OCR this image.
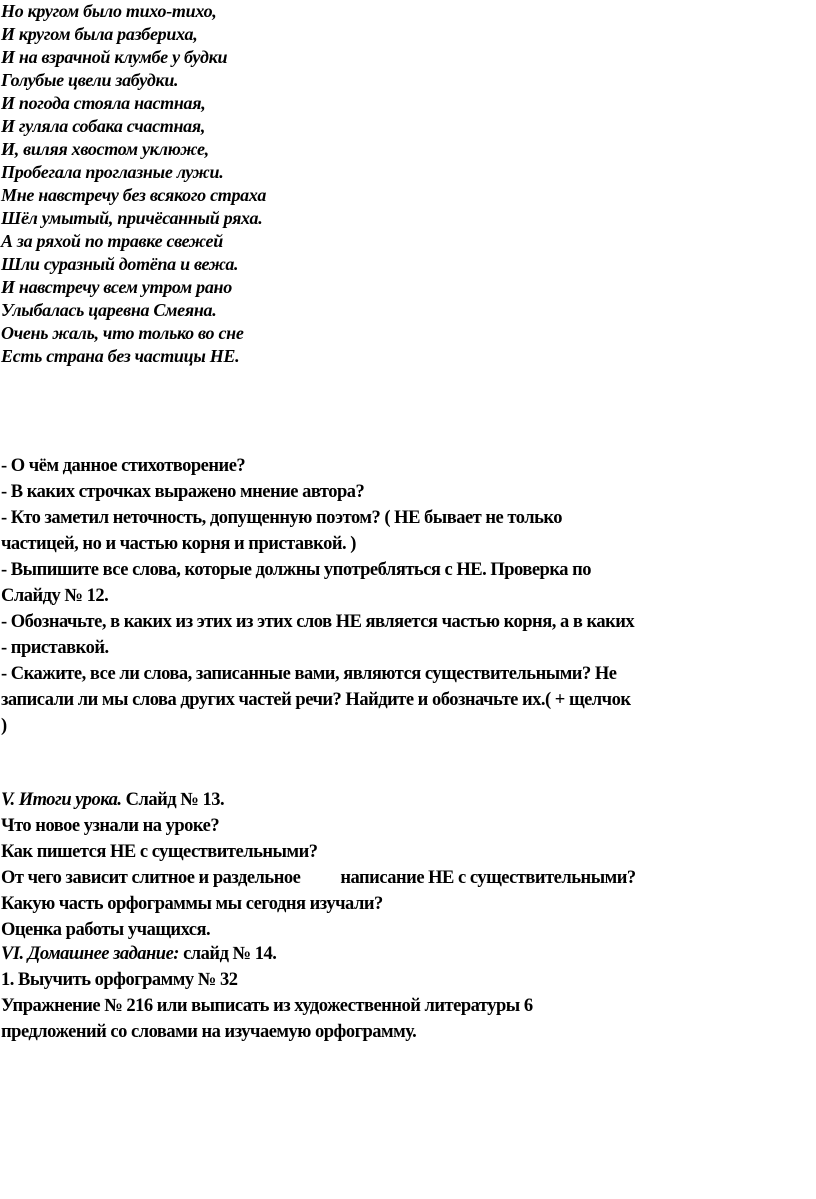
Но кругом было тихо-тихо,
И кругом была разбериха,
И на взрачной клумбе у будки
Голубые цвели забудки.
И погода стояла настная,
И гуляла собака счастная,
И, виляя хвостом уклюже,
Пробегала проглазные лужи.
Мне навстречу без всякого страха
Шёл умытый, причёсанный ряха.
А за ряхой по травке свежей
Шли суразный дотёпа и вежа.
И навстречу всем утром рано
Улыбалась царевна Смеяна.
Очень жаль, что только во сне
Есть страна без частицы НЕ.
- О чём данное стихотворение?
- В каких строчках выражено мнение автора?
- Кто заметил неточность, допущенную поэтом? ( НЕ бывает не только
частицей, но и частью корня и приставкой. )
- Выпишите все слова, которые должны употребляться с НЕ. Проверка по
Слайду № 12.
- Обозначьте, в каких из этих из этих слов НЕ является частью корня, а в каких
- приставкой.
- Скажите, все ли слова, записанные вами, являются существительными? Не
записали ли мы слова других частей речи? Найдите и обозначьте их.( + щелчок
)
V. Итоги урока. Слайд № 13.
Что новое узнали на уроке?
Как пишется НЕ с существительными?
От чего зависит слитное и раздельное написание НЕ с существительными?
Какую часть орфограммы мы сегодня изучали?
Оценка работы учащихся.
VI. Домашнее задание: слайд № 14.
1. Выучить орфограмму № 32
Упражнение № 216 или выписать из художественной литературы 6
предложений со словами на изучаемую орфограмму.
